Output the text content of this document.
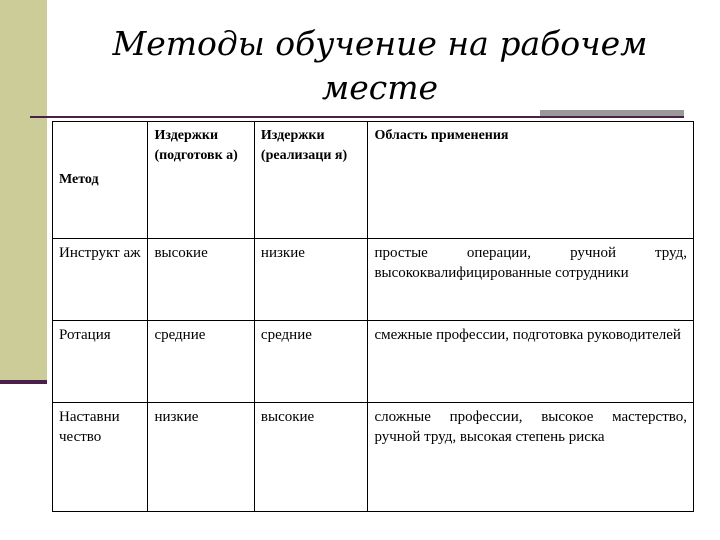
Методы обучение на рабочем
месте
Метод	Издержки (подготовк а)	Издержки (реализаци я)	Область применения
Инструкт аж	высокие	низкие	простые операции, ручной труд, высококвалифицированные сотрудники
Ротация	средние	средние	смежные профессии, подготовка руководителей
Наставни чество	низкие	высокие	сложные профессии, высокое мастерство, ручной труд, высокая степень риска
